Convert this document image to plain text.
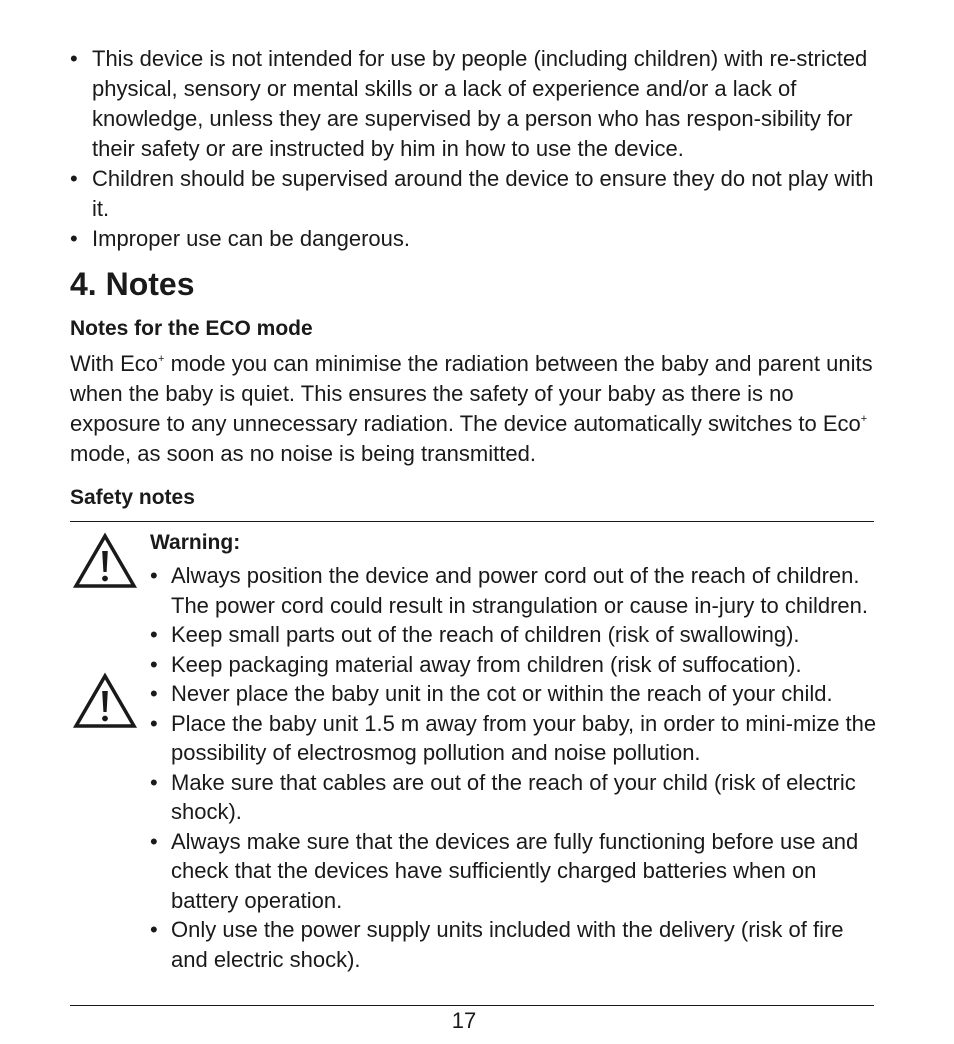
• This device is not intended for use by people (including children) with re-stricted physical, sensory or mental skills or a lack of experience and/or a lack of knowledge, unless they are supervised by a person who has respon-sibility for their safety or are instructed by him in how to use the device.
• Children should be supervised around the device to ensure they do not play with it.
• Improper use can be dangerous.
4. Notes
Notes for the ECO mode

With Eco+ mode you can minimise the radiation between the baby and parent units when the baby is quiet. This ensures the safety of your baby as there is no exposure to any unnecessary radiation. The device automatically switches to Eco+ mode, as soon as no noise is being transmitted.

Safety notes
Warning:
• Always position the device and power cord out of the reach of children. The power cord could result in strangulation or cause in-jury to children.
• Keep small parts out of the reach of children (risk of swallowing).
• Keep packaging material away from children (risk of suffocation).
• Never place the baby unit in the cot or within the reach of your child.
• Place the baby unit 1.5 m away from your baby, in order to mini-mize the possibility of electrosmog pollution and noise pollution.
• Make sure that cables are out of the reach of your child (risk of electric shock).
• Always make sure that the devices are fully functioning before use and check that the devices have sufficiently charged batteries when on battery operation.
• Only use the power supply units included with the delivery (risk of fire and electric shock).
17
